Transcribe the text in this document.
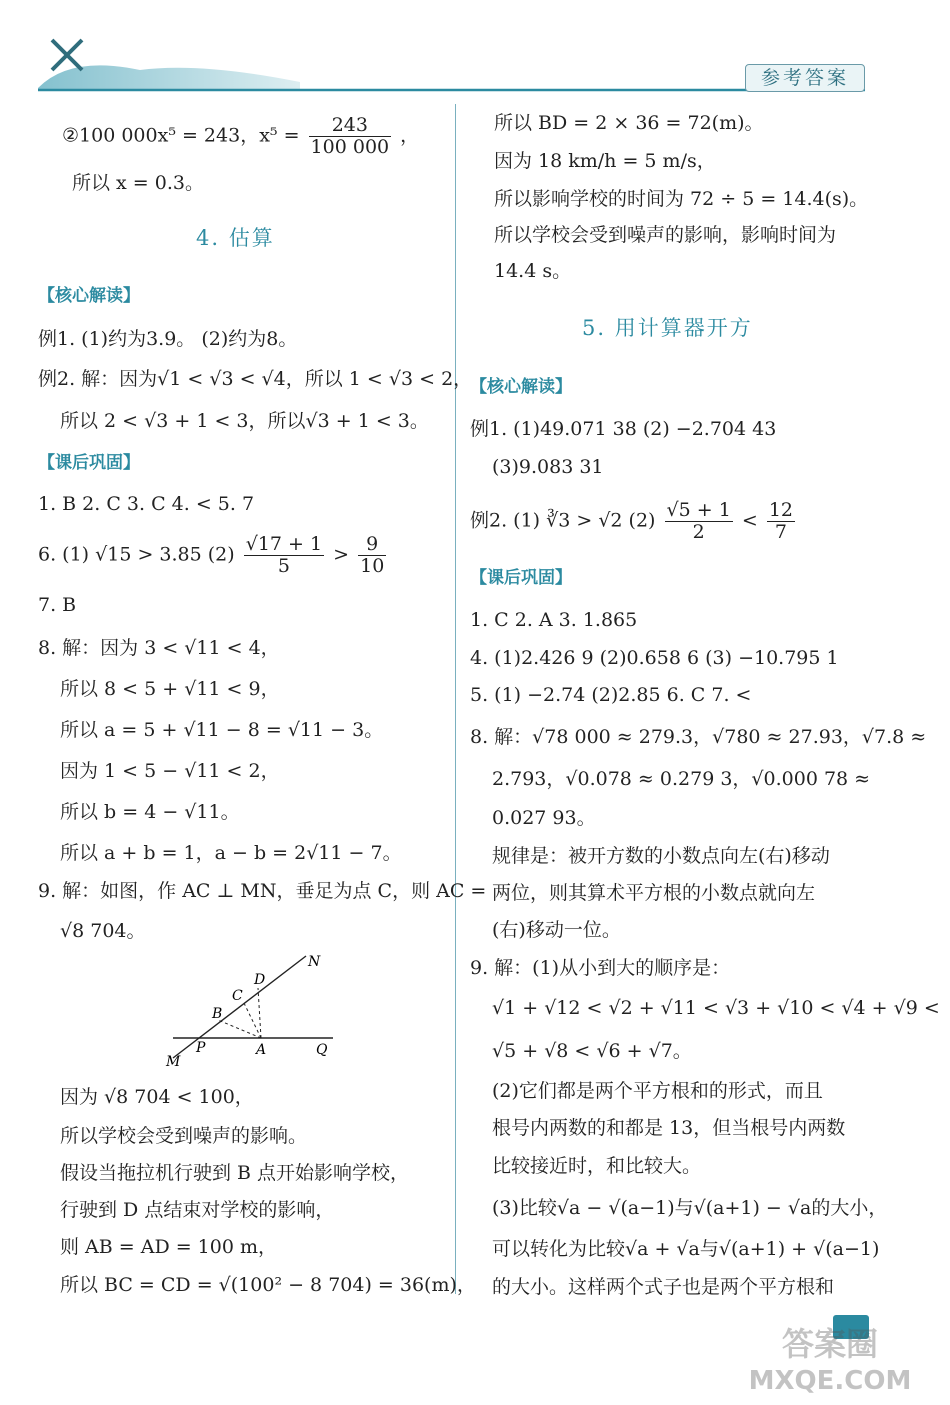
参考答案
②100 000x⁵ = 243，$x^5 = \frac{243}{100 000}$ ，
所以 x = 0.3。
4. 估算
【核心解读】
例1. (1)约为3.9。 (2)约为8。
例2. 解：因为√1 < √3 < √4，所以 1 < √3 < 2，
所以 2 < √3 + 1 < 3，所以√3 + 1 < 3。
【课后巩固】
1. B 2. C 3. C 4. < 5. 7
6. (1) √15 > 3.85 $(2) \frac{√17 + 1}{5} > \frac{9}{10}$
7. B
8. 解：因为 3 < √11 < 4，
所以 8 < 5 + √11 < 9，
所以 a = 5 + √11 − 8 = √11 − 3。
因为 1 < 5 − √11 < 2，
所以 b = 4 − √11。
所以 a + b = 1，a − b = 2√11 − 7。
9. 解：如图，作 AC ⊥ MN，垂足为点 C，则 AC =
√8 704。
N
D
C
B
M
P	A	Q
因为 √8 704 < 100，
所以学校会受到噪声的影响。
假设当拖拉机行驶到 B 点开始影响学校，
行驶到 D 点结束对学校的影响，
则 AB = AD = 100 m，
所以 BC = CD = √(100² − 8 704) = 36(m)，
所以 BD = 2 × 36 = 72(m)。
因为 18 km/h = 5 m/s，
所以影响学校的时间为 72 ÷ 5 = 14.4(s)。
所以学校会受到噪声的影响，影响时间为
14.4 s。
5. 用计算器开方
【核心解读】
例1. (1)49.071 38 (2) −2.704 43
(3)9.083 31
例2. (1) ∛3 > √2 $(2) \frac{√5 + 1}{2} < \frac{12}{7}$
【课后巩固】
1. C 2. A 3. 1.865
4. (1)2.426 9 (2)0.658 6 (3) −10.795 1
5. (1) −2.74 (2)2.85 6. C 7. <
8. 解：√78 000 ≈ 279.3，√780 ≈ 27.93，√7.8 ≈
2.793，√0.078 ≈ 0.279 3，√0.000 78 ≈
0.027 93。
规律是：被开方数的小数点向左(右)移动
两位，则其算术平方根的小数点就向左
(右)移动一位。
9. 解：(1)从小到大的顺序是：
√1 + √12 < √2 + √11 < √3 + √10 < √4 + √9 <
√5 + √8 < √6 + √7。
(2)它们都是两个平方根和的形式，而且
根号内两数的和都是 13，但当根号内两数
比较接近时，和比较大。
(3)比较√a − √(a−1)与√(a+1) − √a的大小，
可以转化为比较√a + √a与√(a+1) + √(a−1)
的大小。这样两个式子也是两个平方根和
答案圈
MXQE.COM
